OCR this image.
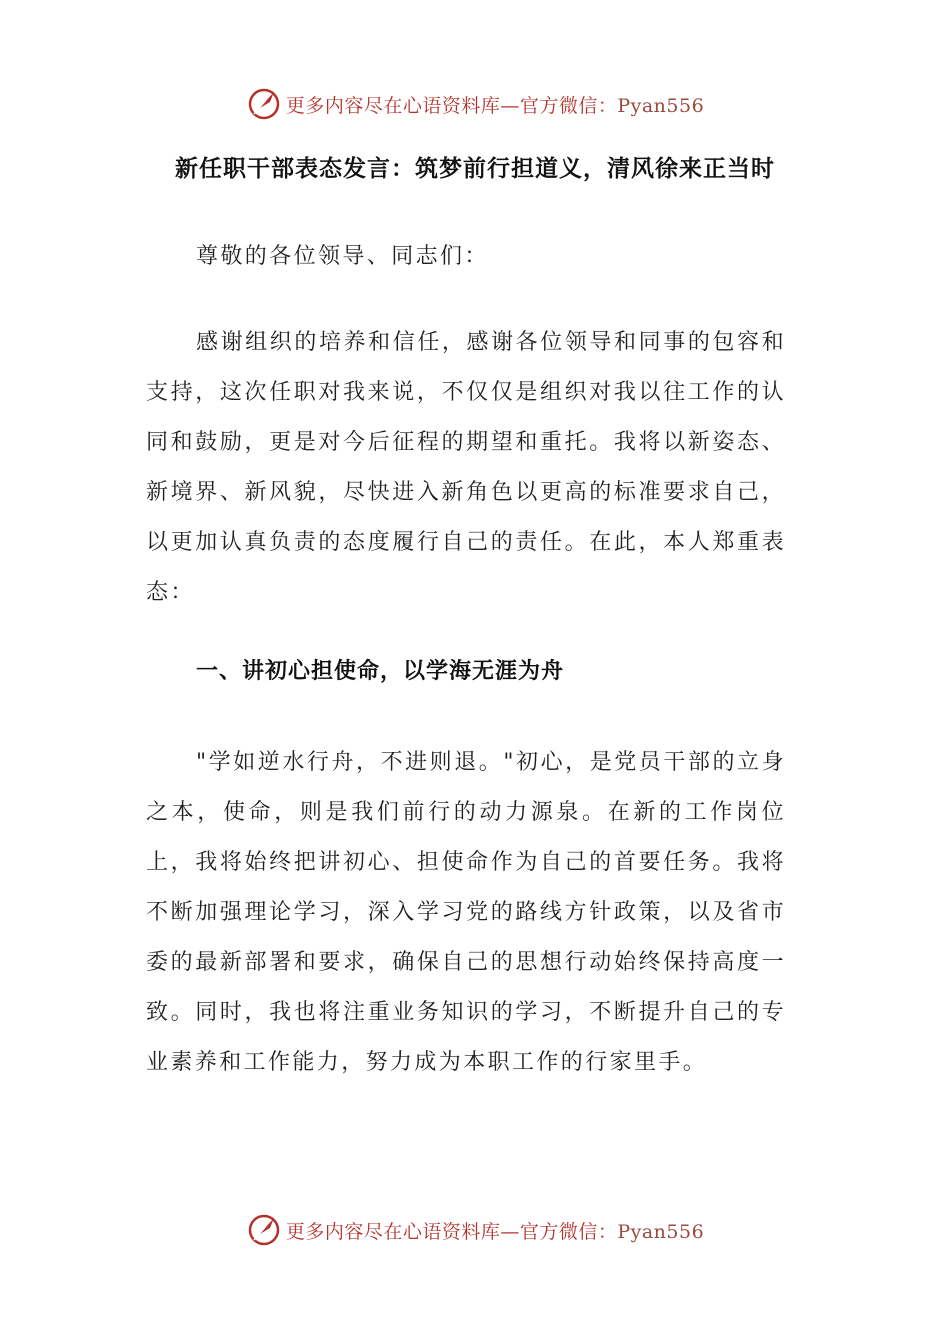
更多内容尽在心语资料库—官方微信：Pyan556
新任职干部表态发言：筑梦前行担道义，清风徐来正当时

尊敬的各位领导、同志们：

感谢组织的培养和信任，感谢各位领导和同事的包容和支持，这次任职对我来说，不仅仅是组织对我以往工作的认同和鼓励，更是对今后征程的期望和重托。我将以新姿态、新境界、新风貌，尽快进入新角色以更高的标准要求自己，以更加认真负责的态度履行自己的责任。在此，本人郑重表态：

一、讲初心担使命，以学海无涯为舟

"学如逆水行舟，不进则退。"初心，是党员干部的立身之本，使命，则是我们前行的动力源泉。在新的工作岗位上，我将始终把讲初心、担使命作为自己的首要任务。我将不断加强理论学习，深入学习党的路线方针政策，以及省市委的最新部署和要求，确保自己的思想行动始终保持高度一致。同时，我也将注重业务知识的学习，不断提升自己的专业素养和工作能力，努力成为本职工作的行家里手。

更多内容尽在心语资料库—官方微信：Pyan556
